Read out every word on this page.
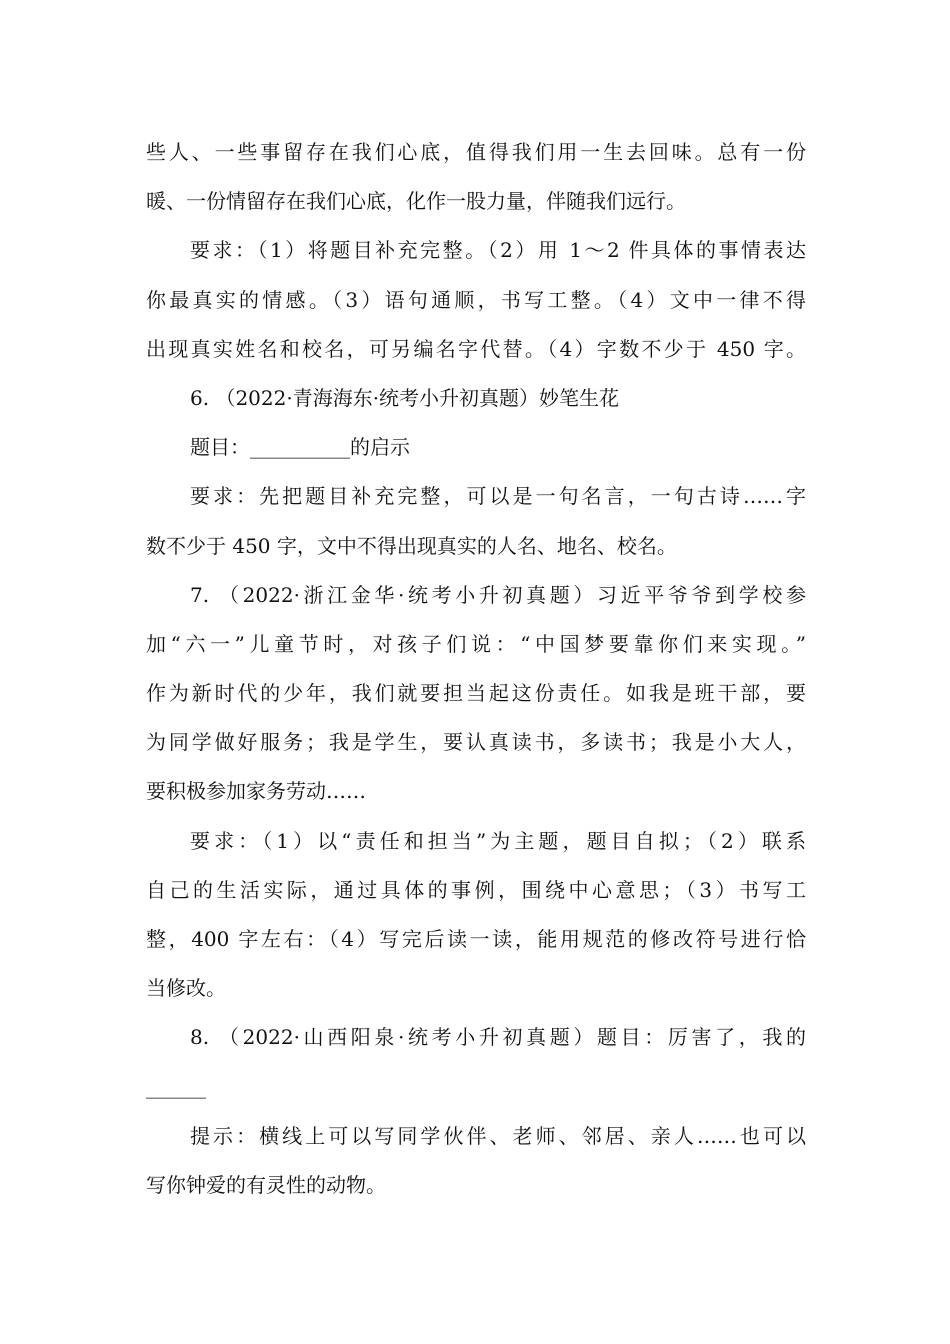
些人、一些事留存在我们心底，值得我们用一生去回味。总有一份
暖、一份情留存在我们心底，化作一股力量，伴随我们远行。
要求：（1）将题目补充完整。（2）用 1～2 件具体的事情表达
你最真实的情感。（3）语句通顺，书写工整。（4）文中一律不得
出现真实姓名和校名，可另编名字代替。（4）字数不少于 450 字。
6. （2022·青海海东·统考小升初真题）妙笔生花
题目：__________的启示
要求：先把题目补充完整，可以是一句名言，一句古诗……字
数不少于 450 字，文中不得出现真实的人名、地名、校名。
7. （2022·浙江金华·统考小升初真题）习近平爷爷到学校参
加“六一”儿童节时，对孩子们说：“中国梦要靠你们来实现。”
作为新时代的少年，我们就要担当起这份责任。如我是班干部，要
为同学做好服务；我是学生，要认真读书，多读书；我是小大人，
要积极参加家务劳动……
要求：（1）以“责任和担当”为主题，题目自拟；（2）联系
自己的生活实际，通过具体的事例，围绕中心意思；（3）书写工
整，400 字左右：（4）写完后读一读，能用规范的修改符号进行恰
当修改。
8. （2022·山西阳泉·统考小升初真题）题目：厉害了，我的
______
提示：横线上可以写同学伙伴、老师、邻居、亲人……也可以
写你钟爱的有灵性的动物。
